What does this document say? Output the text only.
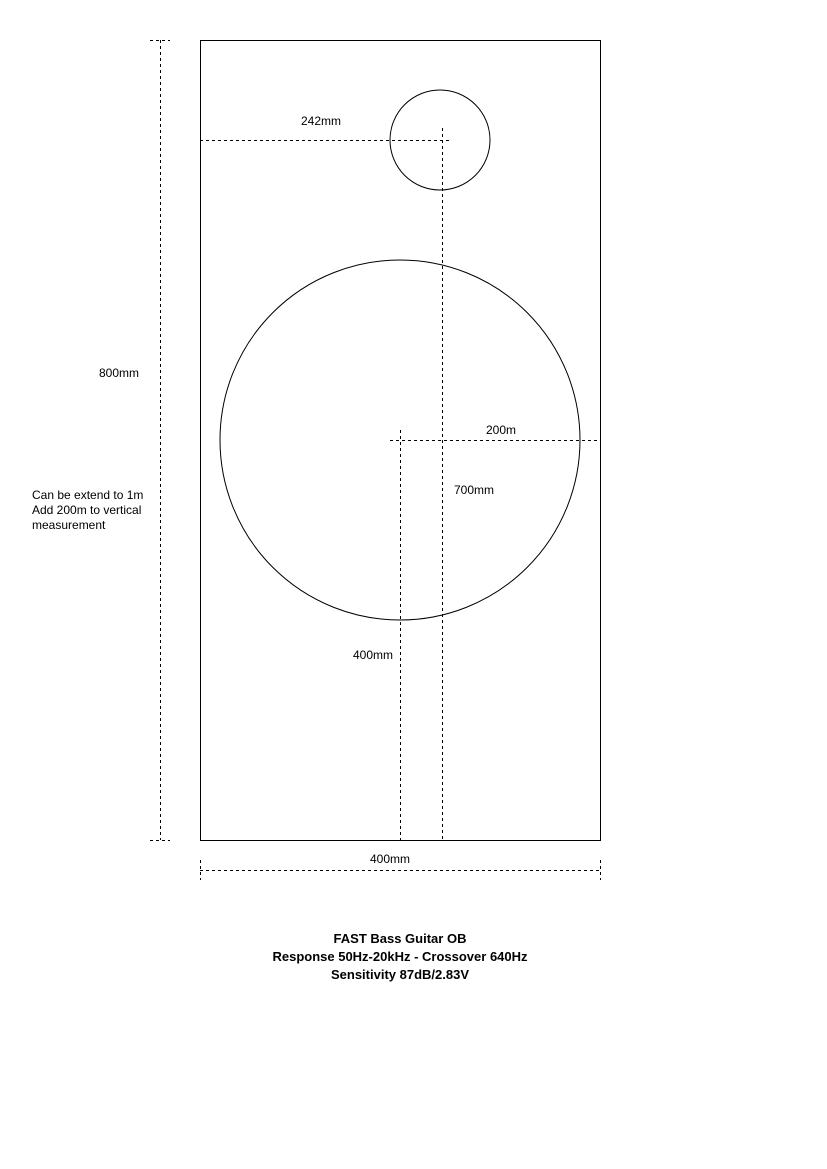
800mm
400mm
242mm
200m
700mm
400mm
Can be extend to 1m
Add 200m to vertical
measurement
FAST Bass Guitar OB
Response 50Hz-20kHz - Crossover 640Hz
Sensitivity 87dB/2.83V
